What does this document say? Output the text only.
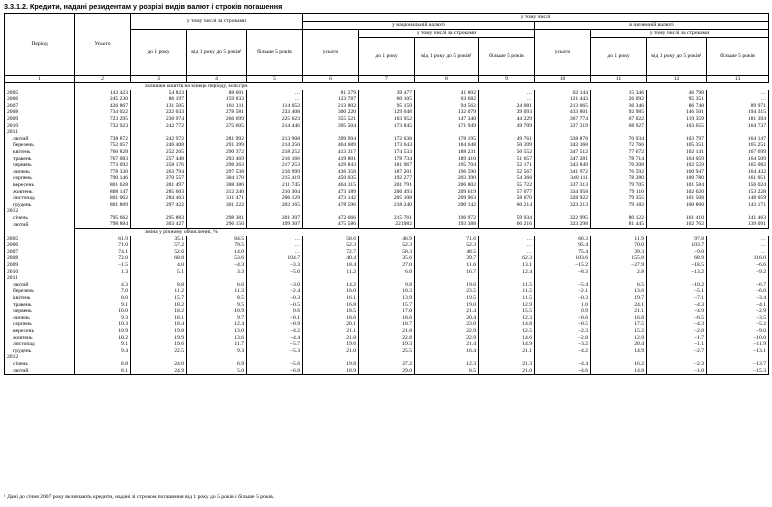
3.3.1.2. Кредити, надані резидентам у розрізі видів валют і строків погашення
Період	Усього	у тому числі за строками			у тому числі							
					у національній валюті				в іноземній валюті			
		до 1 року	від 1 року до 5 років¹	більше 5 років	усього	у тому числі за строками			усього	у тому числі за строками		
						до 1 року	від 1 року до 5 років¹	більше 5 років		до 1 року	від 1 року до 5 років¹	більше 5 років
1	2	3	4	5	6	7	8	9	10	11	12	13
	залишки коштів на кінець періоду, млн.грн.											
2005	143 423	54 823	88 601	…	81 279	39 477	41 802	…	62 144	15 346	46 798	…
2006	245 230	86 197	159 033	…	123 787	60 105	63 682	…	121 443	26 092	95 351	…
2007	426 867	131 505	181 311	114 052	213 802	95 159	94 562	24 081	213 065	36 346	86 748	89 971
2008	734 022	222 033	278 581	233 408	300 220	129 048	132 079	39 093	433 801	92 985	146 501	194 315
2009	723 295	230 974	266 699	225 623	355 521	163 952	147 340	44 229	367 774	67 022	119 359	181 394
2010	732 923	242 772	275 605	214 446	395 504	173 845	171 949	49 709	337 319	68 927	103 655	164 737
2011												
лютий	738 872	242 972	281 992	213 908	399 994	172 038	178 195	49 761	338 878	70 934	103 797	164 147
березень	752 057	246 408	291 399	214 250	404 689	173 643	184 648	50 399	343 368	72 766	105 351	165 251
квітень	760 828	252 205	290 372	218 252	413 317	174 533	188 231	50 552	347 512	77 672	102 141	167 699
травень	767 083	257 448	293 469	216 166	419 801	178 734	189 410	51 657	347 281	78 714	104 059	164 509
червень	773 692	258 176	298 263	217 253	429 843	181 967	195 704	52 171	343 849	76 208	102 559	165 082
липень	778 330	263 794	297 538	216 999	436 358	187 201	196 590	52 567	341 972	76 592	100 947	164 432
серпень	790 146	270 557	304 170	215 419	450 035	192 277	203 390	54 368	340 111	78 280	100 780	161 051
вересень	801 628	281 497	308 386	211 745	464 315	201 791	206 802	55 722	337 313	79 705	101 584	156 024
жовтень	808 147	285 603	312 240	210 304	473 189	206 493	209 619	57 077	334 958	79 110	102 620	153 228
листопад	801 062	284 463	311 471	206 129	473 142	205 108	209 963	58 070	328 922	79 355	101 508	148 059
грудень	801 809	297 422	301 222	203 165	478 596	218 240	200 142	60 214	323 213	79 182	100 860	143 171
2012												
січень	795 662	295 883	298 381	201 397	472 666	215 761	196 972	59 934	322 995	80 122	101 410	141 463
лютий	798 884	303 427	296 150	199 307	475 586	221982	193 388	60 216	323 298	81 445	102 762	139 091
	зміна у річному обчисленні, %											
2005	61.9	35.1	84.5	…	58.6	46.9	71.6	…	66.3	11.9	97.8	…
2006	71.0	57.2	79.5	…	52.3	52.3	52.3	…	95.4	70.0	103.7	…
2007	74.1	52.6	14.0	…	72.7	58.3	48.5	…	75.4	39.3	–9.0	…
2008	72.0	68.8	53.6	104.7	40.4	35.6	39.7	62.3	103.6	155.8	68.9	116.0
2009	–1.5	4.0	–4.3	–3.3	18.4	27.0	11.6	13.1	–15.2	–27.9	–18.5	–6.6
2010	1.3	5.1	3.3	–5.0	11.2	6.0	16.7	12.4	–8.3	2.8	–13.2	–9.2
2011												
лютий	4.3	8.8	6.6	–3.0	14.2	9.8	19.6	11.5	–5.4	6.5	–10.2	–6.7
березень	7.0	11.2	11.3	–2.4	16.0	10.3	23.5	11.5	–2.1	13.6	–5.1	–6.0
квітень	8.0	15.7	8.5	–0.3	16.1	13.9	19.5	11.5	–0.3	19.7	–7.1	–3.4
травень	9.1	18.2	9.5	–0.5	16.8	15.7	19.0	12.9	1.0	24.1	–4.3	–4.1
червень	10.0	18.2	10.9	0.6	18.5	17.0	21.4	15.5	0.9	21.1	–4.9	–2.9
липень	9.3	18.1	9.7	–0.1	18.6	18.6	20.4	12.3	–0.6	16.8	–6.5	–3.5
серпень	10.3	18.4	12.4	–0.9	20.1	18.7	23.0	14.8	–0.5	17.5	–4.3	–5.2
вересень	10.9	19.8	13.0	–4.2	21.1	21.8	22.9	12.5	–2.3	15.2	–2.8	–9.0
жовтень	10.2	19.9	13.6	–4.4	21.8	22.8	22.9	14.6	–2.8	12.9	–1.7	–10.0
листопад	9.1	19.6	11.7	–5.7	19.6	19.3	21.4	14.9	–3.2	20.4	–1.1	–11.9
грудень	9.4	22.5	9.3	–5.3	21.0	25.5	16.4	21.1	–4.2	14.9	–2.7	–13.1
2012												
січень	8.8	24.0	6.9	–5.6	19.8	27.2	12.3	21.3	–4.4	16.2	–2.3	–13.7
лютий	8.1	24.9	5.0	–6.8	18.9	29.0	8.5	21.0	–4.6	14.8	–1.0	–15.3
¹ Дані до січня 2007 року включають кредити, надані зі строком погашення від 1 року до 5 років і більше 5 років.
